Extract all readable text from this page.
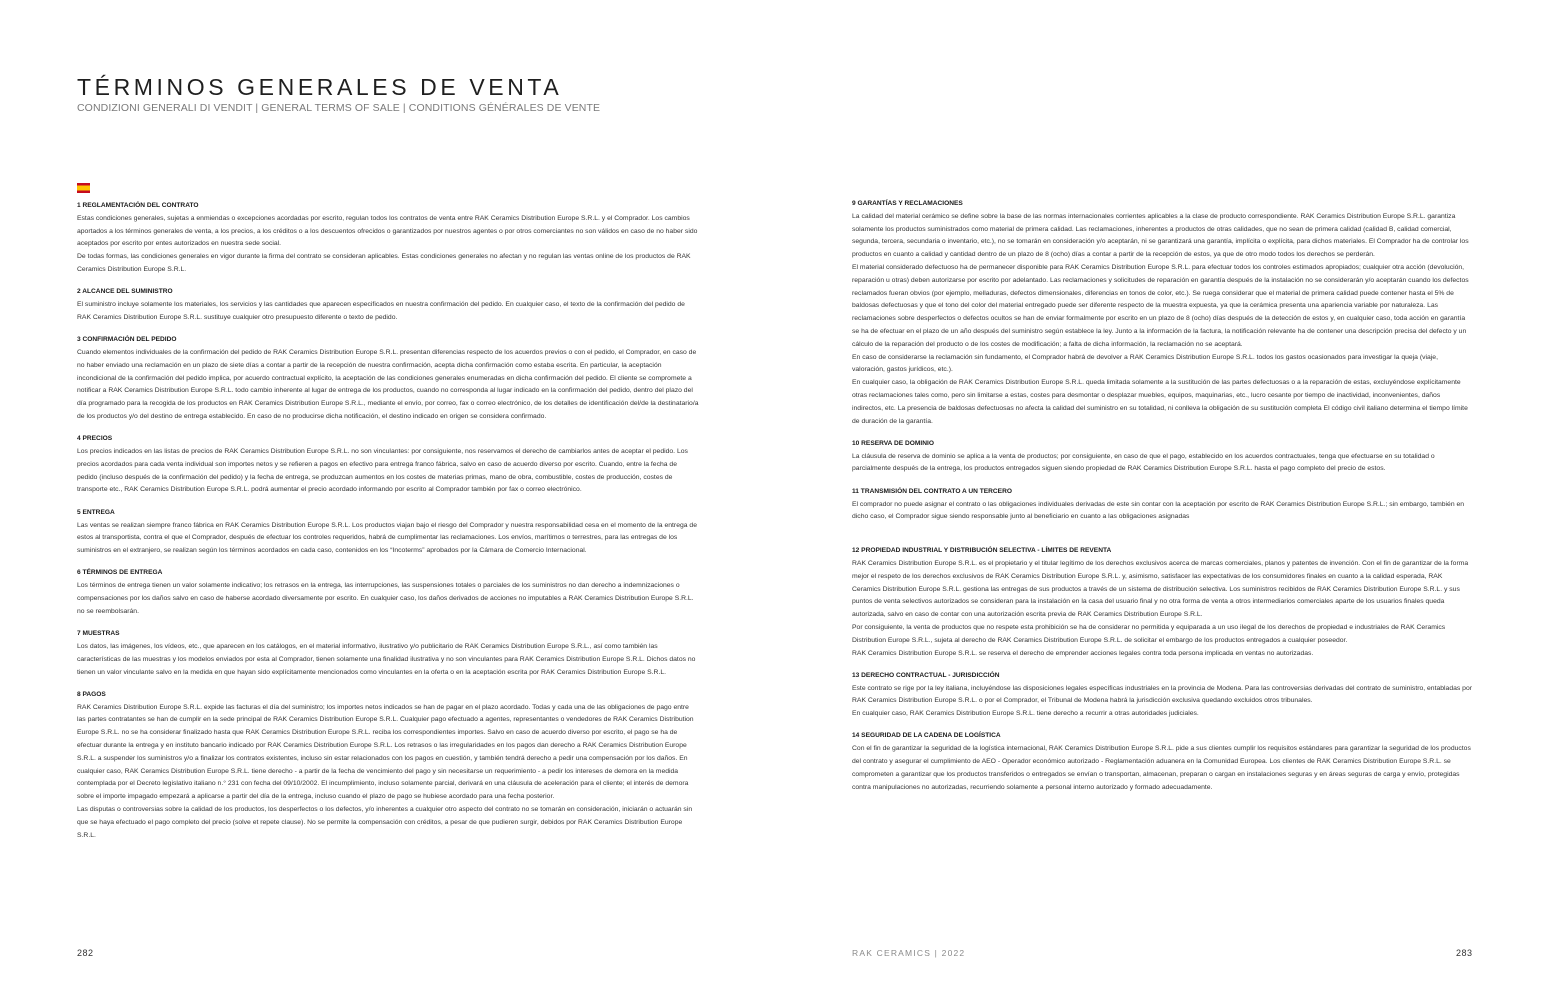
TÉRMINOS GENERALES DE VENTA
CONDIZIONI GENERALI DI VENDIT | GENERAL TERMS OF SALE | CONDITIONS GÉNÉRALES DE VENTE
1 REGLAMENTACIÓN DEL CONTRATO

Estas condiciones generales, sujetas a enmiendas o excepciones acordadas por escrito, regulan todos los contratos de venta entre RAK Ceramics Distribution Europe S.R.L. y el Comprador. Los cambios aportados a los términos generales de venta, a los precios, a los créditos o a los descuentos ofrecidos o garantizados por nuestros agentes o por otros comerciantes no son válidos en caso de no haber sido aceptados por escrito por entes autorizados en nuestra sede social.

De todas formas, las condiciones generales en vigor durante la firma del contrato se consideran aplicables. Estas condiciones generales no afectan y no regulan las ventas online de los productos de RAK Ceramics Distribution Europe S.R.L.

2 ALCANCE DEL SUMINISTRO

El suministro incluye solamente los materiales, los servicios y las cantidades que aparecen especificados en nuestra confirmación del pedido. En cualquier caso, el texto de la confirmación del pedido de RAK Ceramics Distribution Europe S.R.L. sustituye cualquier otro presupuesto diferente o texto de pedido.

3 CONFIRMACIÓN DEL PEDIDO

Cuando elementos individuales de la confirmación del pedido de RAK Ceramics Distribution Europe S.R.L. presentan diferencias respecto de los acuerdos previos o con el pedido, el Comprador, en caso de no haber enviado una reclamación en un plazo de siete días a contar a partir de la recepción de nuestra confirmación, acepta dicha confirmación como estaba escrita. En particular, la aceptación incondicional de la confirmación del pedido implica, por acuerdo contractual explícito, la aceptación de las condiciones generales enumeradas en dicha confirmación del pedido. El cliente se compromete a notificar a RAK Ceramics Distribution Europe S.R.L. todo cambio inherente al lugar de entrega de los productos, cuando no corresponda al lugar indicado en la confirmación del pedido, dentro del plazo del día programado para la recogida de los productos en RAK Ceramics Distribution Europe S.R.L., mediante el envío, por correo, fax o correo electrónico, de los detalles de identificación del/de la destinatario/a de los productos y/o del destino de entrega establecido. En caso de no producirse dicha notificación, el destino indicado en origen se considera confirmado.

4 PRECIOS

Los precios indicados en las listas de precios de RAK Ceramics Distribution Europe S.R.L. no son vinculantes: por consiguiente, nos reservamos el derecho de cambiarlos antes de aceptar el pedido. Los precios acordados para cada venta individual son importes netos y se refieren a pagos en efectivo para entrega franco fábrica, salvo en caso de acuerdo diverso por escrito. Cuando, entre la fecha de pedido (incluso después de la confirmación del pedido) y la fecha de entrega, se produzcan aumentos en los costes de materias primas, mano de obra, combustible, costes de producción, costes de transporte etc., RAK Ceramics Distribution Europe S.R.L. podrá aumentar el precio acordado informando por escrito al Comprador también por fax o correo electrónico.

5 ENTREGA

Las ventas se realizan siempre franco fábrica en RAK Ceramics Distribution Europe S.R.L. Los productos viajan bajo el riesgo del Comprador y nuestra responsabilidad cesa en el momento de la entrega de estos al transportista, contra el que el Comprador, después de efectuar los controles requeridos, habrá de cumplimentar las reclamaciones. Los envíos, marítimos o terrestres, para las entregas de los suministros en el extranjero, se realizan según los términos acordados en cada caso, contenidos en los “Incoterms” aprobados por la Cámara de Comercio Internacional.

6 TÉRMINOS DE ENTREGA

Los términos de entrega tienen un valor solamente indicativo; los retrasos en la entrega, las interrupciones, las suspensiones totales o parciales de los suministros no dan derecho a indemnizaciones o compensaciones por los daños salvo en caso de haberse acordado diversamente por escrito. En cualquier caso, los daños derivados de acciones no imputables a RAK Ceramics Distribution Europe S.R.L. no se reembolsarán.

7 MUESTRAS

Los datos, las imágenes, los vídeos, etc., que aparecen en los catálogos, en el material informativo, ilustrativo y/o publicitario de RAK Ceramics Distribution Europe S.R.L., así como también las características de las muestras y los modelos enviados por esta al Comprador, tienen solamente una finalidad ilustrativa y no son vinculantes para RAK Ceramics Distribution Europe S.R.L. Dichos datos no tienen un valor vinculante salvo en la medida en que hayan sido explícitamente mencionados como vinculantes en la oferta o en la aceptación escrita por RAK Ceramics Distribution Europe S.R.L.

8 PAGOS

RAK Ceramics Distribution Europe S.R.L. expide las facturas el día del suministro; los importes netos indicados se han de pagar en el plazo acordado. Todas y cada una de las obligaciones de pago entre las partes contratantes se han de cumplir en la sede principal de RAK Ceramics Distribution Europe S.R.L. Cualquier pago efectuado a agentes, representantes o vendedores de RAK Ceramics Distribution Europe S.R.L. no se ha considerar finalizado hasta que RAK Ceramics Distribution Europe S.R.L. reciba los correspondientes importes. Salvo en caso de acuerdo diverso por escrito, el pago se ha de efectuar durante la entrega y en instituto bancario indicado por RAK Ceramics Distribution Europe S.R.L. Los retrasos o las irregularidades en los pagos dan derecho a RAK Ceramics Distribution Europe S.R.L. a suspender los suministros y/o a finalizar los contratos existentes, incluso sin estar relacionados con los pagos en cuestión, y también tendrá derecho a pedir una compensación por los daños. En cualquier caso, RAK Ceramics Distribution Europe S.R.L. tiene derecho - a partir de la fecha de vencimiento del pago y sin necesitarse un requerimiento - a pedir los intereses de demora en la medida contemplada por el Decreto legislativo italiano n.° 231 con fecha del 09/10/2002. El incumplimiento, incluso solamente parcial, derivará en una cláusula de aceleración para el cliente; el interés de demora sobre el importe impagado empezará a aplicarse a partir del día de la entrega, incluso cuando el plazo de pago se hubiese acordado para una fecha posterior.

Las disputas o controversias sobre la calidad de los productos, los desperfectos o los defectos, y/o inherentes a cualquier otro aspecto del contrato no se tomarán en consideración, iniciarán o actuarán sin que se haya efectuado el pago completo del precio (solve et repete clause). No se permite la compensación con créditos, a pesar de que pudieren surgir, debidos por RAK Ceramics Distribution Europe S.R.L.

9 GARANTÍAS Y RECLAMACIONES

La calidad del material cerámico se define sobre la base de las normas internacionales corrientes aplicables a la clase de producto correspondiente. RAK Ceramics Distribution Europe S.R.L. garantiza solamente los productos suministrados como material de primera calidad. Las reclamaciones, inherentes a productos de otras calidades, que no sean de primera calidad (calidad B, calidad comercial, segunda, tercera, secundaria o inventario, etc.), no se tomarán en consideración y/o aceptarán, ni se garantizará una garantía, implícita o explícita, para dichos materiales. El Comprador ha de controlar los productos en cuanto a calidad y cantidad dentro de un plazo de 8 (ocho) días a contar a partir de la recepción de estos, ya que de otro modo todos los derechos se perderán.

El material considerado defectuoso ha de permanecer disponible para RAK Ceramics Distribution Europe S.R.L. para efectuar todos los controles estimados apropiados; cualquier otra acción (devolución, reparación u otras) deben autorizarse por escrito por adelantado. Las reclamaciones y solicitudes de reparación en garantía después de la instalación no se considerarán y/o aceptarán cuando los defectos reclamados fueran obvios (por ejemplo, melladuras, defectos dimensionales, diferencias en tonos de color, etc.). Se ruega considerar que el material de primera calidad puede contener hasta el 5% de baldosas defectuosas y que el tono del color del material entregado puede ser diferente respecto de la muestra expuesta, ya que la cerámica presenta una apariencia variable por naturaleza. Las reclamaciones sobre desperfectos o defectos ocultos se han de enviar formalmente por escrito en un plazo de 8 (ocho) días después de la detección de estos y, en cualquier caso, toda acción en garantía se ha de efectuar en el plazo de un año después del suministro según establece la ley. Junto a la información de la factura, la notificación relevante ha de contener una descripción precisa del defecto y un cálculo de la reparación del producto o de los costes de modificación; a falta de dicha información, la reclamación no se aceptará.

En caso de considerarse la reclamación sin fundamento, el Comprador habrá de devolver a RAK Ceramics Distribution Europe S.R.L. todos los gastos ocasionados para investigar la queja (viaje, valoración, gastos jurídicos, etc.).

En cualquier caso, la obligación de RAK Ceramics Distribution Europe S.R.L. queda limitada solamente a la sustitución de las partes defectuosas o a la reparación de estas, excluyéndose explícitamente otras reclamaciones tales como, pero sin limitarse a estas, costes para desmontar o desplazar muebles, equipos, maquinarias, etc., lucro cesante por tiempo de inactividad, inconvenientes, daños indirectos, etc. La presencia de baldosas defectuosas no afecta la calidad del suministro en su totalidad, ni conlleva la obligación de su sustitución completa El código civil italiano determina el tiempo límite de duración de la garantía.

10 RESERVA DE DOMINIO

La cláusula de reserva de dominio se aplica a la venta de productos; por consiguiente, en caso de que el pago, establecido en los acuerdos contractuales, tenga que efectuarse en su totalidad o parcialmente después de la entrega, los productos entregados siguen siendo propiedad de RAK Ceramics Distribution Europe S.R.L. hasta el pago completo del precio de estos.

11 TRANSMISIÓN DEL CONTRATO A UN TERCERO

El comprador no puede asignar el contrato o las obligaciones individuales derivadas de este sin contar con la aceptación por escrito de RAK Ceramics Distribution Europe S.R.L.; sin embargo, también en dicho caso, el Comprador sigue siendo responsable junto al beneficiario en cuanto a las obligaciones asignadas

12 PROPIEDAD INDUSTRIAL Y DISTRIBUCIÓN SELECTIVA - LÍMITES DE REVENTA

RAK Ceramics Distribution Europe S.R.L. es el propietario y el titular legítimo de los derechos exclusivos acerca de marcas comerciales, planos y patentes de invención. Con el fin de garantizar de la forma mejor el respeto de los derechos exclusivos de RAK Ceramics Distribution Europe S.R.L. y, asimismo, satisfacer las expectativas de los consumidores finales en cuanto a la calidad esperada, RAK Ceramics Distribution Europe S.R.L. gestiona las entregas de sus productos a través de un sistema de distribución selectiva. Los suministros recibidos de RAK Ceramics Distribution Europe S.R.L. y sus puntos de venta selectivos autorizados se consideran para la instalación en la casa del usuario final y no otra forma de venta a otros intermediarios comerciales aparte de los usuarios finales queda autorizada, salvo en caso de contar con una autorización escrita previa de RAK Ceramics Distribution Europe S.R.L.

Por consiguiente, la venta de productos que no respete esta prohibición se ha de considerar no permitida y equiparada a un uso ilegal de los derechos de propiedad e industriales de RAK Ceramics Distribution Europe S.R.L., sujeta al derecho de RAK Ceramics Distribution Europe S.R.L. de solicitar el embargo de los productos entregados a cualquier poseedor.

RAK Ceramics Distribution Europe S.R.L. se reserva el derecho de emprender acciones legales contra toda persona implicada en ventas no autorizadas.

13 DERECHO CONTRACTUAL - JURISDICCIÓN

Este contrato se rige por la ley italiana, incluyéndose las disposiciones legales específicas industriales en la provincia de Modena. Para las controversias derivadas del contrato de suministro, entabladas por RAK Ceramics Distribution Europe S.R.L. o por el Comprador, el Tribunal de Modena habrá la jurisdicción exclusiva quedando excluidos otros tribunales.

En cualquier caso, RAK Ceramics Distribution Europe S.R.L. tiene derecho a recurrir a otras autoridades judiciales.

14 SEGURIDAD DE LA CADENA DE LOGÍSTICA

Con el fin de garantizar la seguridad de la logística internacional, RAK Ceramics Distribution Europe S.R.L. pide a sus clientes cumplir los requisitos estándares para garantizar la seguridad de los productos del contrato y asegurar el cumplimiento de AEO - Operador económico autorizado - Reglamentación aduanera en la Comunidad Europea. Los clientes de RAK Ceramics Distribution Europe S.R.L. se comprometen a garantizar que los productos transferidos o entregados se envían o transportan, almacenan, preparan o cargan en instalaciones seguras y en áreas seguras de carga y envío, protegidas contra manipulaciones no autorizadas, recurriendo solamente a personal interno autorizado y formado adecuadamente.

282	RAK CERAMICS | 2022	283
